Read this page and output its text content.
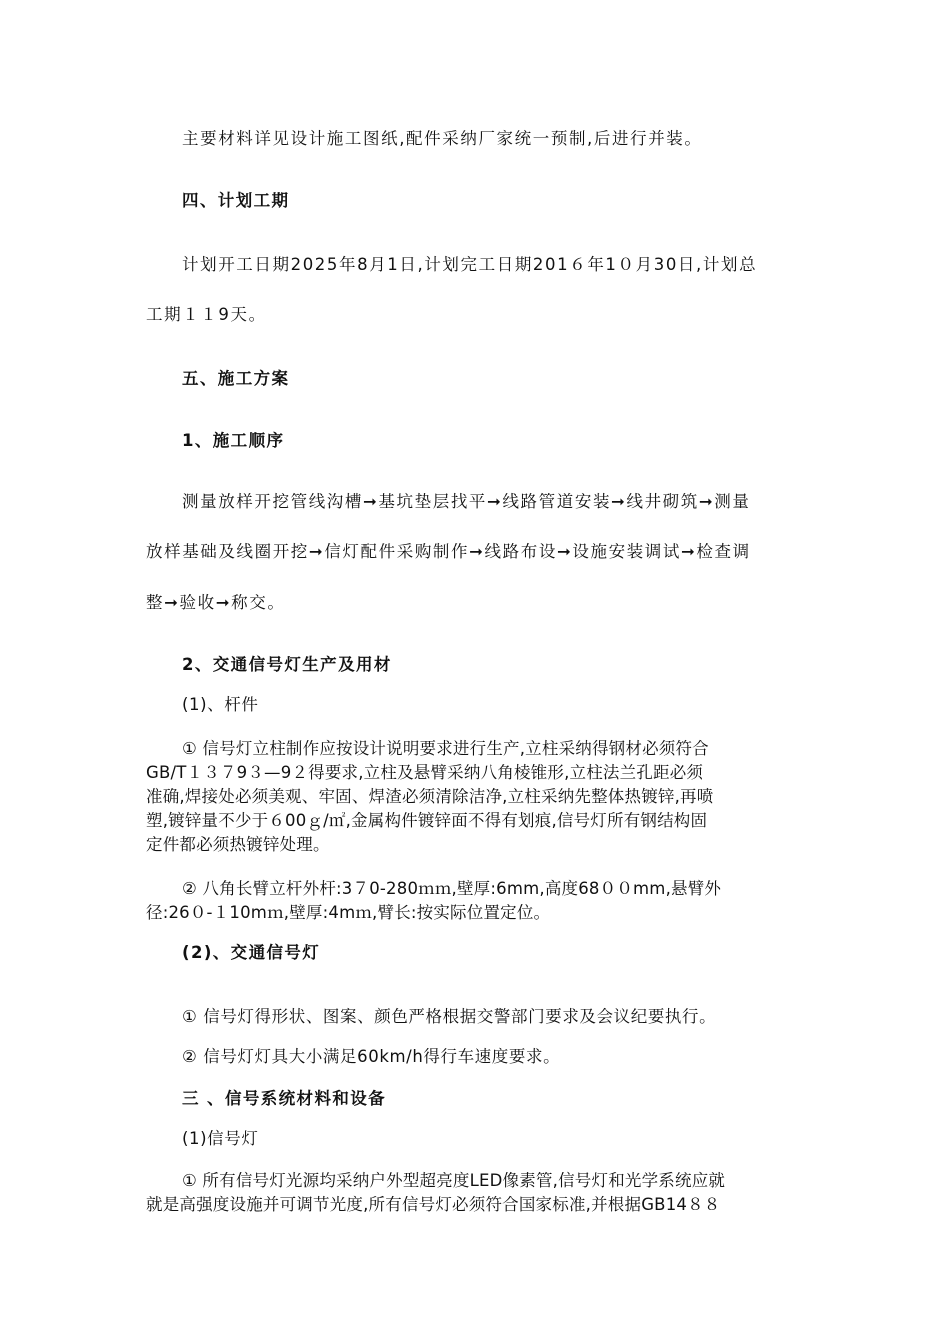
主要材料详见设计施工图纸,配件采纳厂家统一预制,后进行并装。
四、计划工期
计划开工日期2025年8月1日,计划完工日期201６年1０月30日,计划总
工期１１9天。
五、施工方案
1、施工顺序
测量放样开挖管线沟槽➞基坑垫层找平➞线路管道安装➞线井砌筑➞测量
放样基础及线圈开挖➞信灯配件采购制作➞线路布设➞设施安装调试➞检查调
整➞验收➞称交。
2、交通信号灯生产及用材
(1)、杆件
① 信号灯立柱制作应按设计说明要求进行生产,立柱采纳得钢材必须符合
GB/T１３７9３—9２得要求,立柱及悬臂采纳八角棱锥形,立柱法兰孔距必须
准确,焊接处必须美观、牢固、焊渣必须清除洁净,立柱采纳先整体热镀锌,再喷
塑,镀锌量不少于６00ｇ/㎡,金属构件镀锌面不得有划痕,信号灯所有钢结构固
定件都必须热镀锌处理。
② 八角长臂立杆外杆:3７0-280ｍｍ,壁厚:6mm,高度68００mm,悬臂外
径:26０-１10mｍ,壁厚:4mｍ,臂长:按实际位置定位。
(2)、交通信号灯
① 信号灯得形状、图案、颜色严格根据交警部门要求及会议纪要执行。
② 信号灯灯具大小满足60km/h得行车速度要求。
三 、信号系统材料和设备
(1)信号灯
① 所有信号灯光源均采纳户外型超亮度LED像素管,信号灯和光学系统应就
就是高强度设施并可调节光度,所有信号灯必须符合国家标准,并根据GB14８８
